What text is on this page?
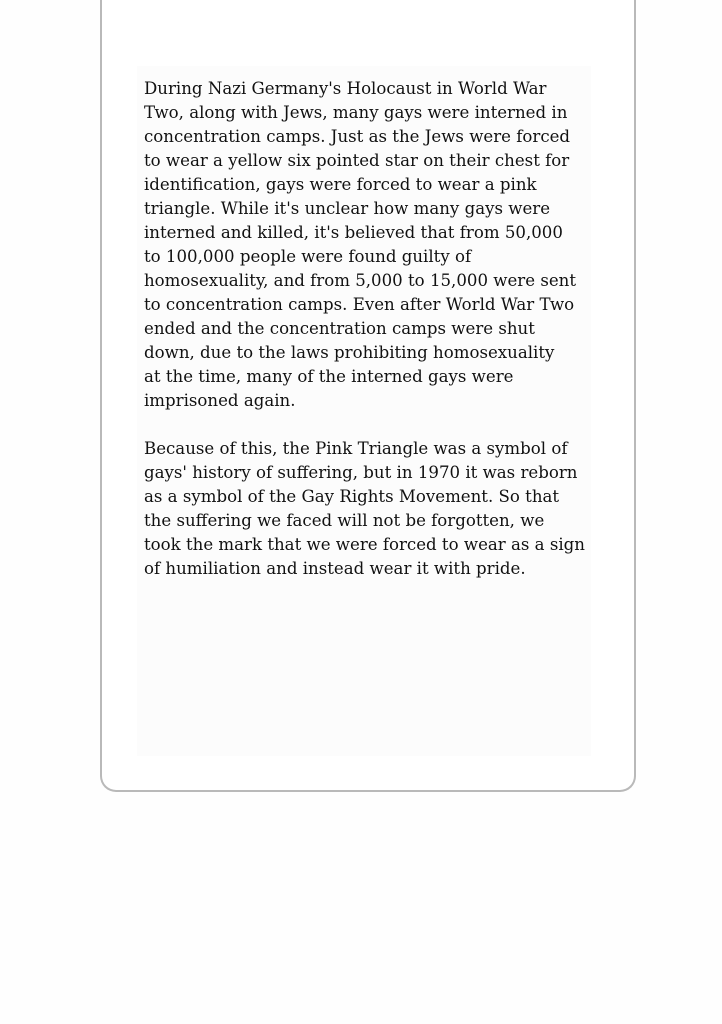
During Nazi Germany's Holocaust in World War
Two, along with Jews, many gays were interned in
concentration camps. Just as the Jews were forced
to wear a yellow six pointed star on their chest for
identification, gays were forced to wear a pink
triangle. While it's unclear how many gays were
interned and killed, it's believed that from 50,000
to 100,000 people were found guilty of
homosexuality, and from 5,000 to 15,000 were sent
to concentration camps. Even after World War Two
ended and the concentration camps were shut
down, due to the laws prohibiting homosexuality
at the time, many of the interned gays were
imprisoned again.

Because of this, the Pink Triangle was a symbol of
gays' history of suffering, but in 1970 it was reborn
as a symbol of the Gay Rights Movement. So that
the suffering we faced will not be forgotten, we
took the mark that we were forced to wear as a sign
of humiliation and instead wear it with pride.
